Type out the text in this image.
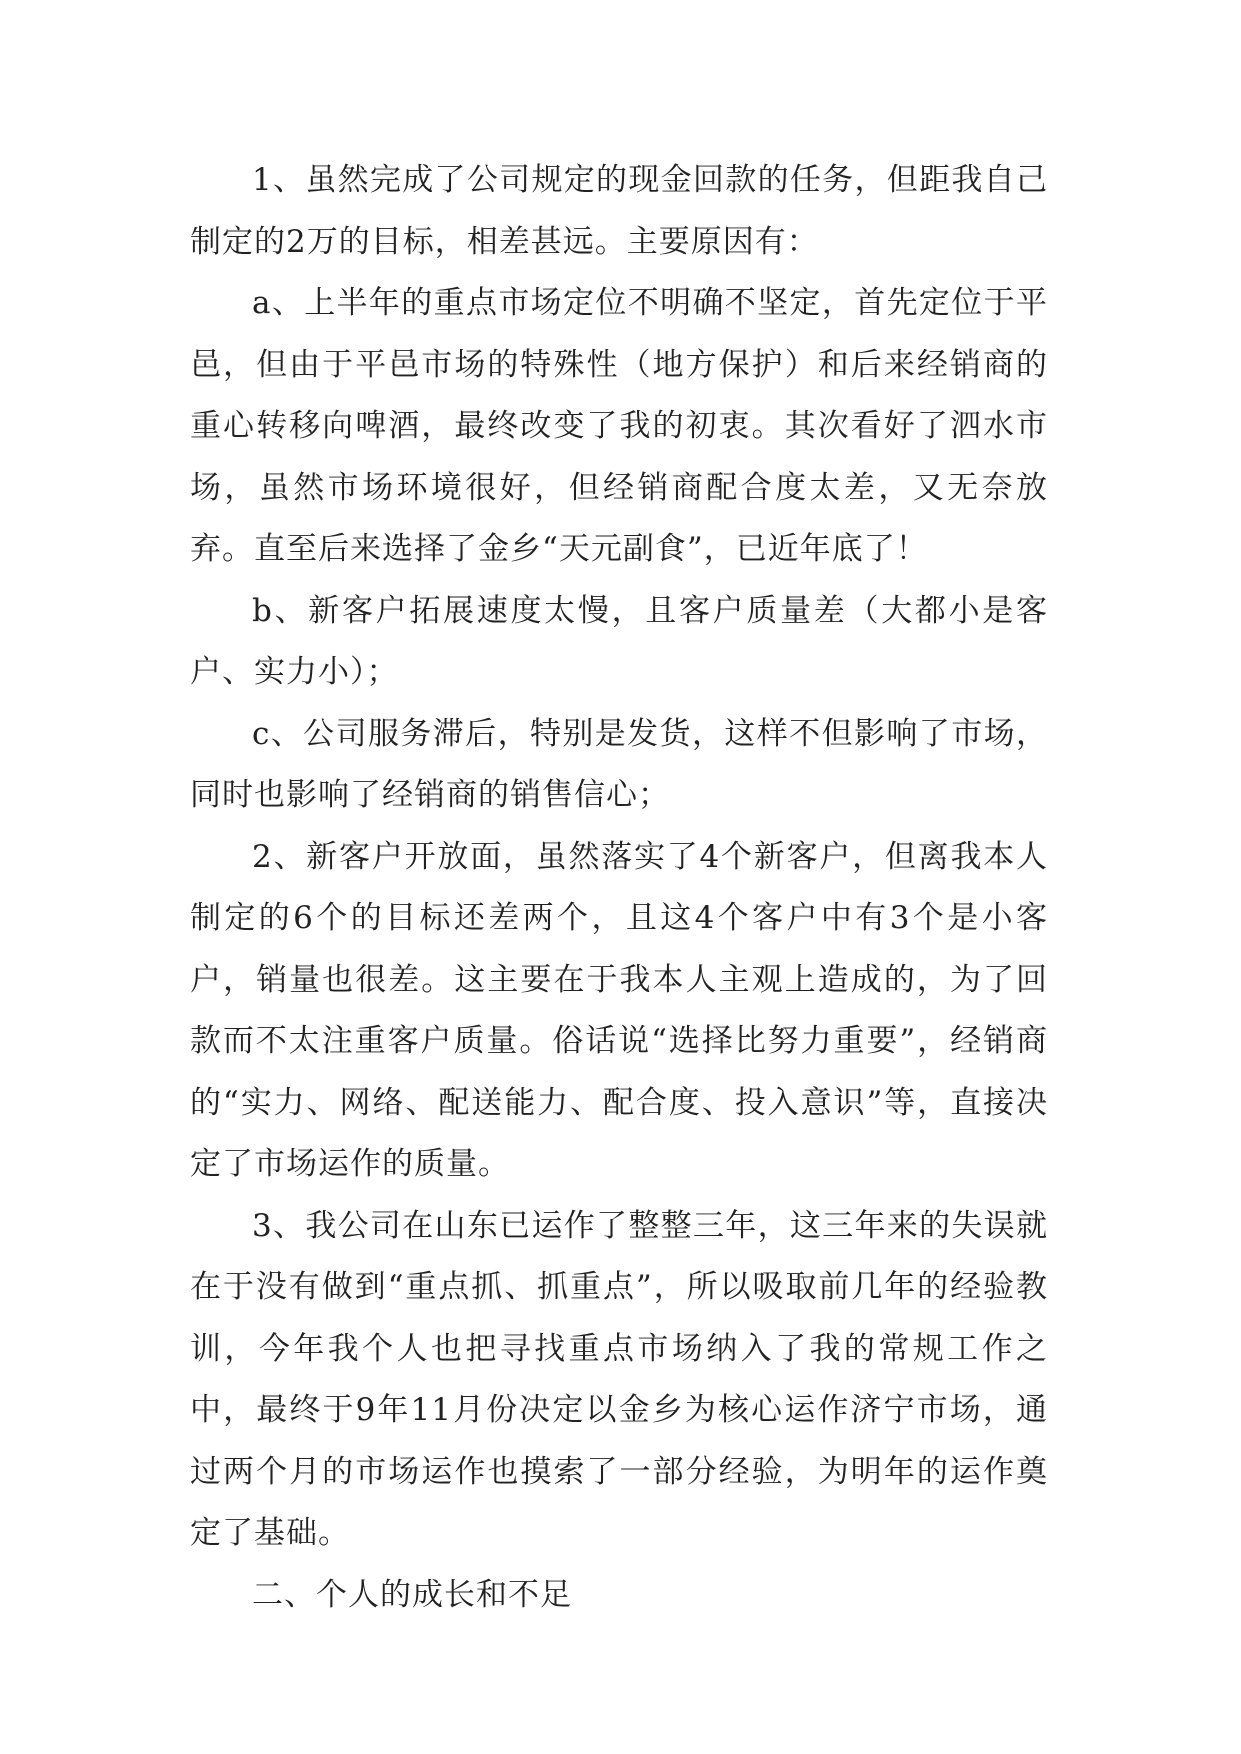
1、虽然完成了公司规定的现金回款的任务，但距我自己制定的2万的目标，相差甚远。主要原因有：

a、上半年的重点市场定位不明确不坚定，首先定位于平邑，但由于平邑市场的特殊性（地方保护）和后来经销商的重心转移向啤酒，最终改变了我的初衷。其次看好了泗水市场，虽然市场环境很好，但经销商配合度太差，又无奈放弃。直至后来选择了金乡“天元副食”，已近年底了！

b、新客户拓展速度太慢，且客户质量差（大都小是客户、实力小）；

c、公司服务滞后，特别是发货，这样不但影响了市场，同时也影响了经销商的销售信心；

2、新客户开放面，虽然落实了4个新客户，但离我本人制定的6个的目标还差两个，且这4个客户中有3个是小客户，销量也很差。这主要在于我本人主观上造成的，为了回款而不太注重客户质量。俗话说“选择比努力重要”，经销商的“实力、网络、配送能力、配合度、投入意识”等，直接决定了市场运作的质量。

3、我公司在山东已运作了整整三年，这三年来的失误就在于没有做到“重点抓、抓重点”，所以吸取前几年的经验教训，今年我个人也把寻找重点市场纳入了我的常规工作之中，最终于9年11月份决定以金乡为核心运作济宁市场，通过两个月的市场运作也摸索了一部分经验，为明年的运作奠定了基础。

二、个人的成长和不足
